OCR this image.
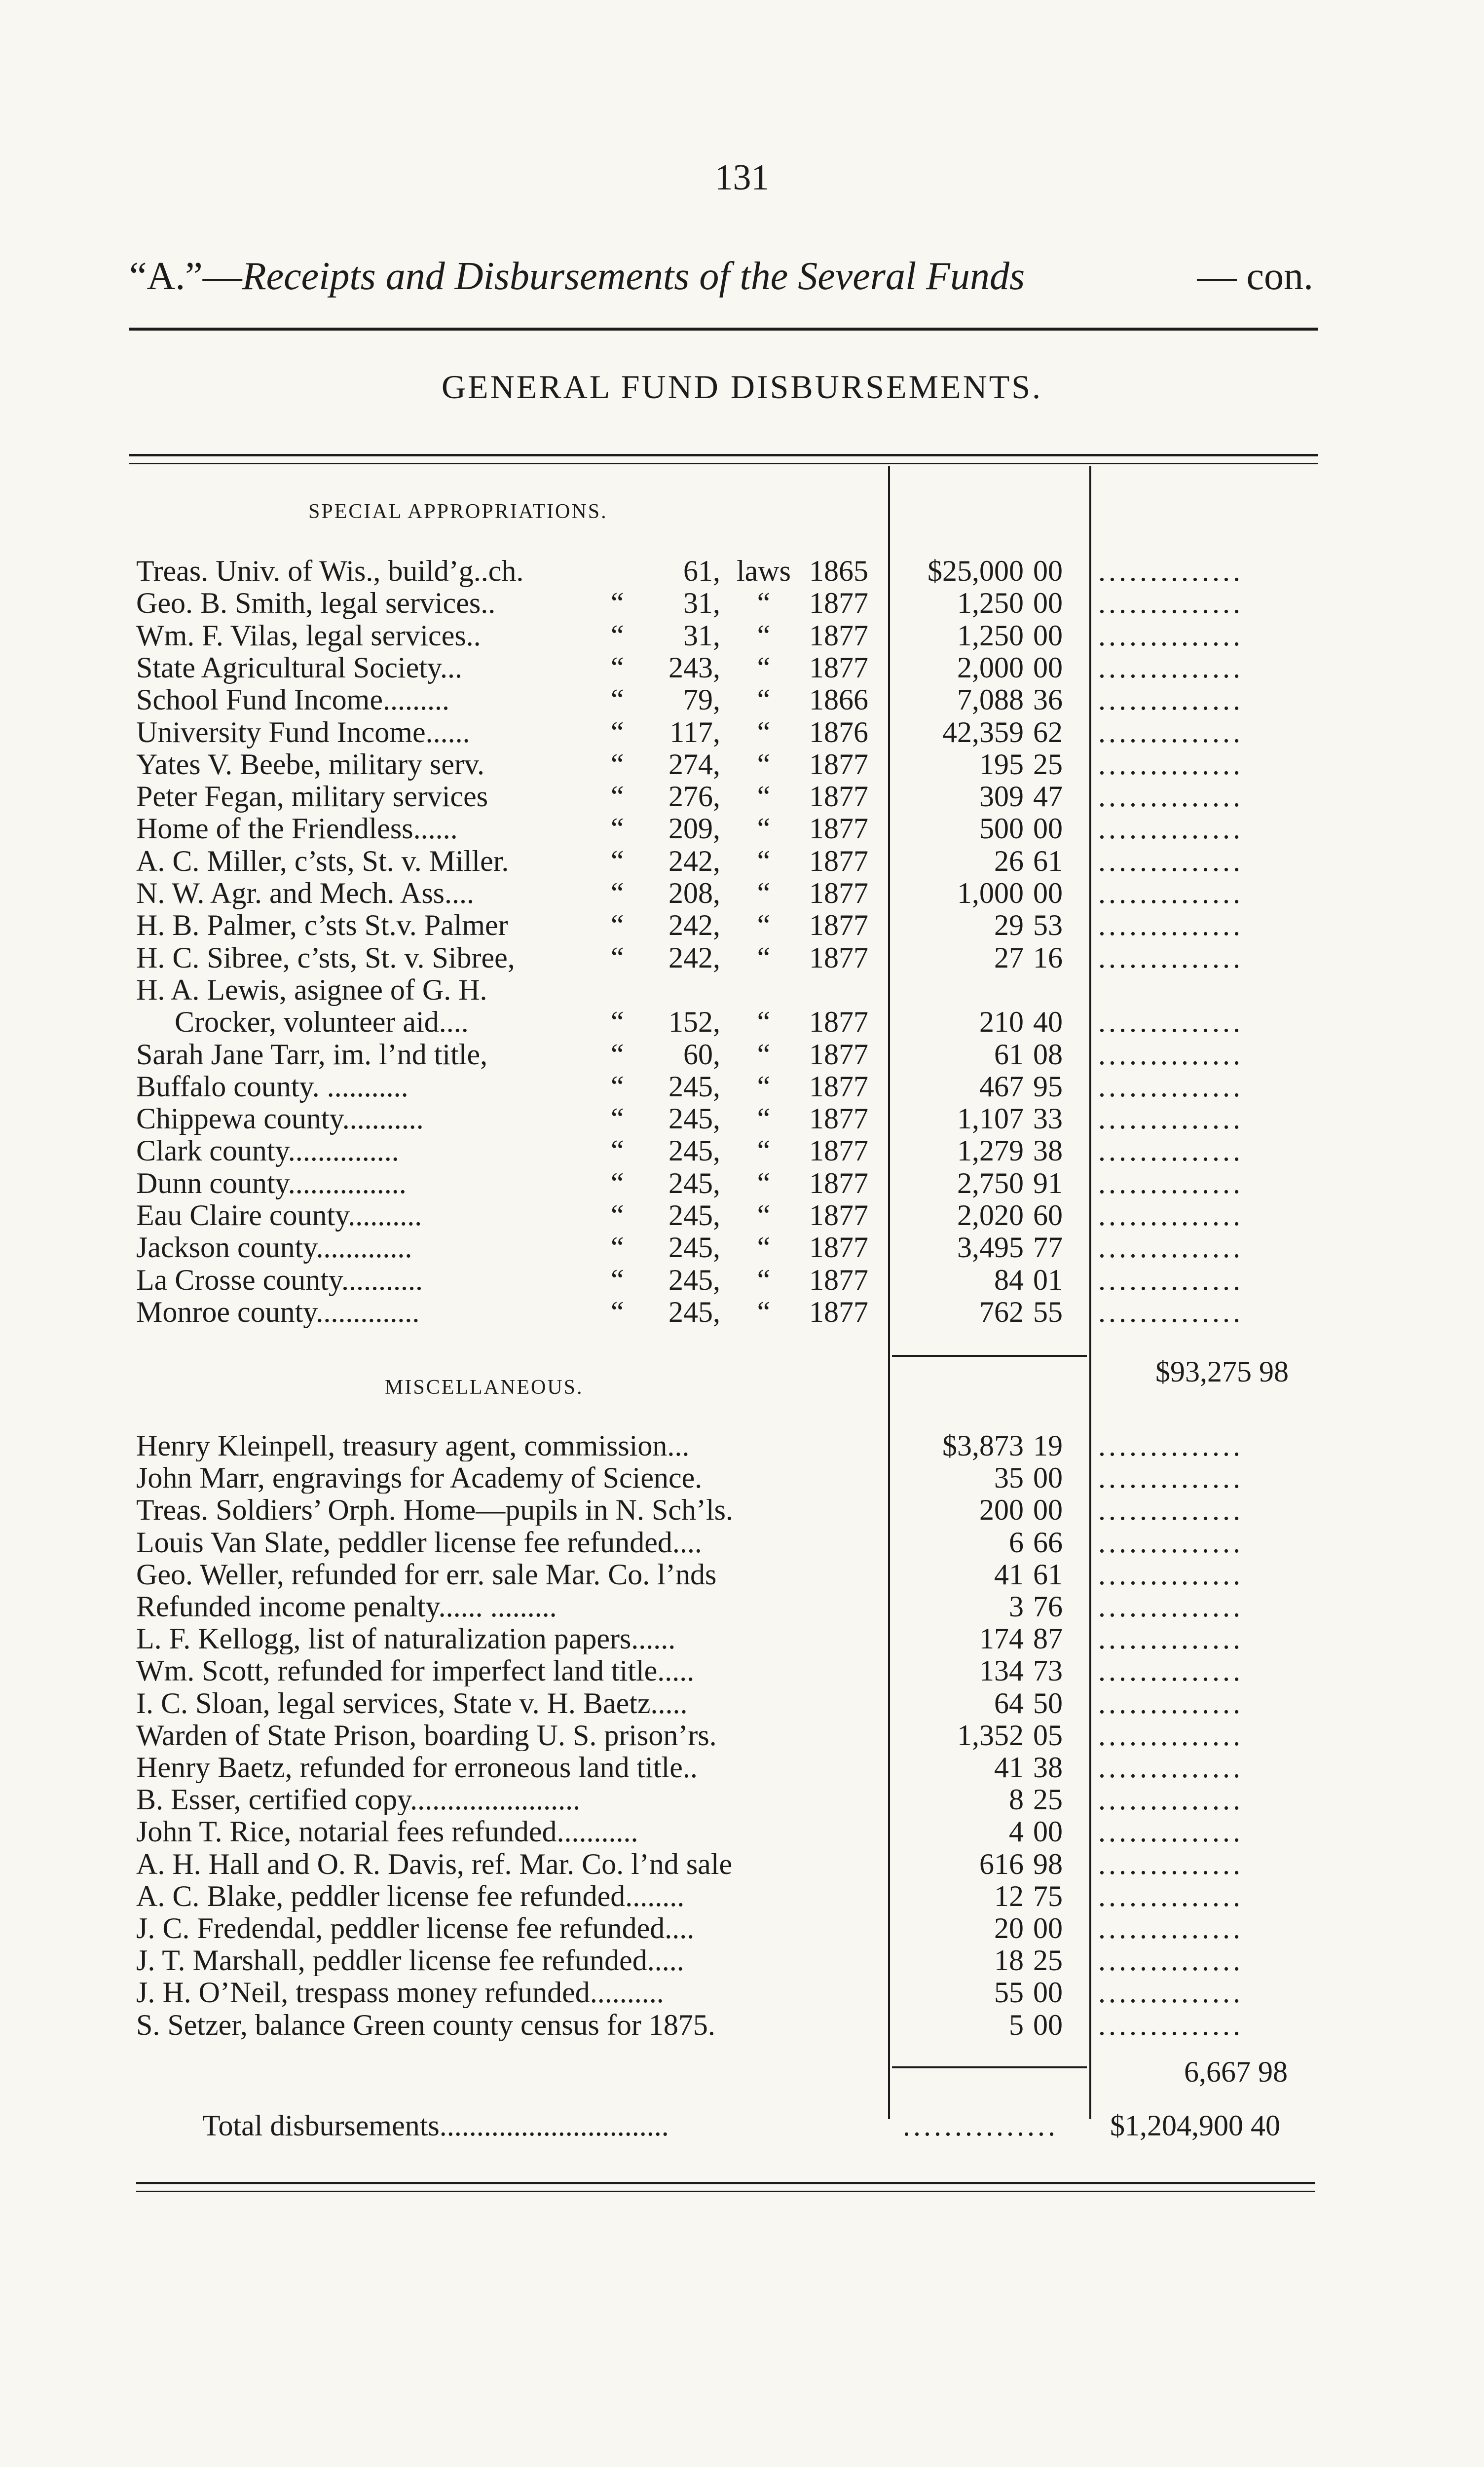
131
“A.”—Receipts and Disbursements of the Several Funds	— con.
GENERAL FUND DISBURSEMENTS.
SPECIAL APPROPRIATIONS.
Treas. Univ. of Wis., build’g..ch.	61, laws 1865	$25,000 00	..............
Geo. B. Smith, legal services..	“	31,	“	1877	1,250 00	..............
Wm. F. Vilas, legal services..	“	31,	“	1877	1,250 00	..............
State Agricultural Society...	“	243,	“	1877	2,000 00	..............
School Fund Income.........	“	79,	“	1866	7,088 36	..............
University Fund Income......	“	117,	“	1876	42,359 62	..............
Yates V. Beebe, military serv.	“	274,	“	1877	195 25	..............
Peter Fegan, military services	“	276,	“	1877	309 47	..............
Home of the Friendless......	“	209,	“	1877	500 00	..............
A. C. Miller, c’sts, St. v. Miller.	“	242,	“	1877	26 61	..............
N. W. Agr. and Mech. Ass....	“	208,	“	1877	1,000 00	..............
H. B. Palmer, c’sts St.v. Palmer	“	242,	“	1877	29 53	..............
H. C. Sibree, c’sts, St. v. Sibree,	“	242,	“	1877	27 16	..............
H. A. Lewis, asignee of G. H.
Crocker, volunteer aid....	“	152,	“	1877	210 40	..............
Sarah Jane Tarr, im. l’nd title,	“	60,	“	1877	61 08	..............
Buffalo county. ...........	“	245,	“	1877	467 95	..............
Chippewa county...........	“	245,	“	1877	1,107 33	..............
Clark county...............	“	245,	“	1877	1,279 38	..............
Dunn county................	“	245,	“	1877	2,750 91	..............
Eau Claire county..........	“	245,	“	1877	2,020 60	..............
Jackson county.............	“	245,	“	1877	3,495 77	..............
La Crosse county...........	“	245,	“	1877	84 01	..............
Monroe county..............	“	245,	“	1877	762 55	..............
$93,275 98
MISCELLANEOUS.
Henry Kleinpell, treasury agent, commission...	$3,873 19	..............
John Marr, engravings for Academy of Science.	35 00	..............
Treas. Soldiers’ Orph. Home—pupils in N. Sch’ls.	200 00	..............
Louis Van Slate, peddler license fee refunded....	6 66	..............
Geo. Weller, refunded for err. sale Mar. Co. l’nds	41 61	..............
Refunded income penalty...... .........	3 76	..............
L. F. Kellogg, list of naturalization papers......	174 87	..............
Wm. Scott, refunded for imperfect land title.....	134 73	..............
I. C. Sloan, legal services, State v. H. Baetz.....	64 50	..............
Warden of State Prison, boarding U. S. prison’rs.	1,352 05	..............
Henry Baetz, refunded for erroneous land title..	41 38	..............
B. Esser, certified copy.......................	8 25	..............
John T. Rice, notarial fees refunded...........	4 00	..............
A. H. Hall and O. R. Davis, ref. Mar. Co. l’nd sale	616 98	..............
A. C. Blake, peddler license fee refunded........	12 75	..............
J. C. Fredendal, peddler license fee refunded....	20 00	..............
J. T. Marshall, peddler license fee refunded.....	18 25	..............
J. H. O’Neil, trespass money refunded..........	55 00	..............
S. Setzer, balance Green county census for 1875.	5 00	..............
6,667 98
Total disbursements...............................	...............	$1,204,900 40
